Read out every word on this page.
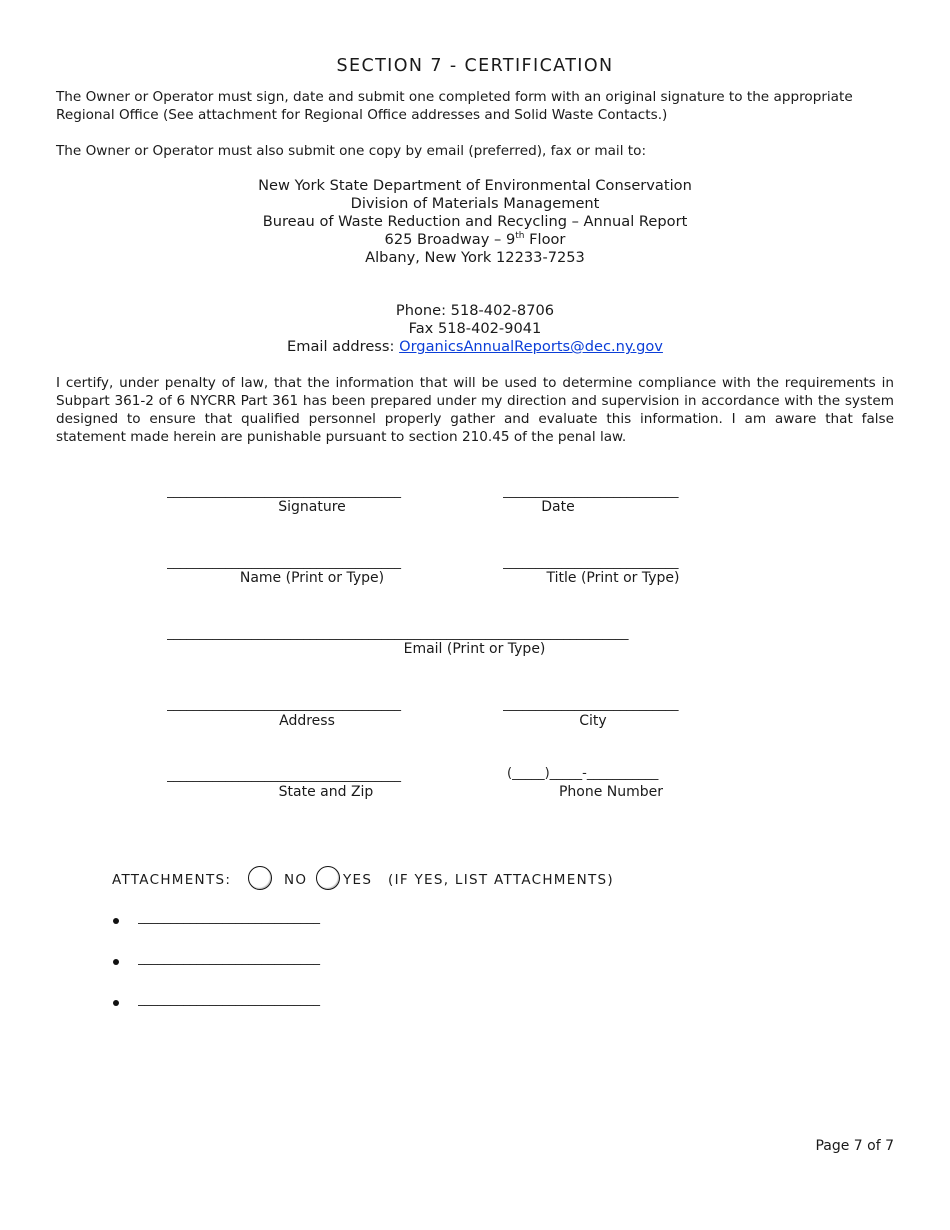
SECTION 7 - CERTIFICATION
The Owner or Operator must sign, date and submit one completed form with an original signature to the appropriate Regional Office (See attachment for Regional Office addresses and Solid Waste Contacts.)
The Owner or Operator must also submit one copy by email (preferred), fax or mail to:
New York State Department of Environmental Conservation
Division of Materials Management
Bureau of Waste Reduction and Recycling – Annual Report
625 Broadway – 9th Floor
Albany, New York 12233-7253
Phone: 518-402-8706
Fax 518-402-9041
Email address: OrganicsAnnualReports@dec.ny.gov
I certify, under penalty of law, that the information that will be used to determine compliance with the requirements in Subpart 361-2 of 6 NYCRR Part 361 has been prepared under my direction and supervision in accordance with the system designed to ensure that qualified personnel properly gather and evaluate this information. I am aware that false statement made herein are punishable pursuant to section 210.45 of the penal law.
____________________________________
Signature
___________________________
Date
____________________________________
Name (Print or Type)
___________________________
Title (Print or Type)
_______________________________________________________________________
Email (Print or Type)
____________________________________
Address
___________________________
City
____________________________________
State and Zip
(_____)_____-___________
Phone Number
ATTACHMENTS:	NO	YES (IF YES, LIST ATTACHMENTS)
____________________________
____________________________
____________________________
Page 7 of 7
